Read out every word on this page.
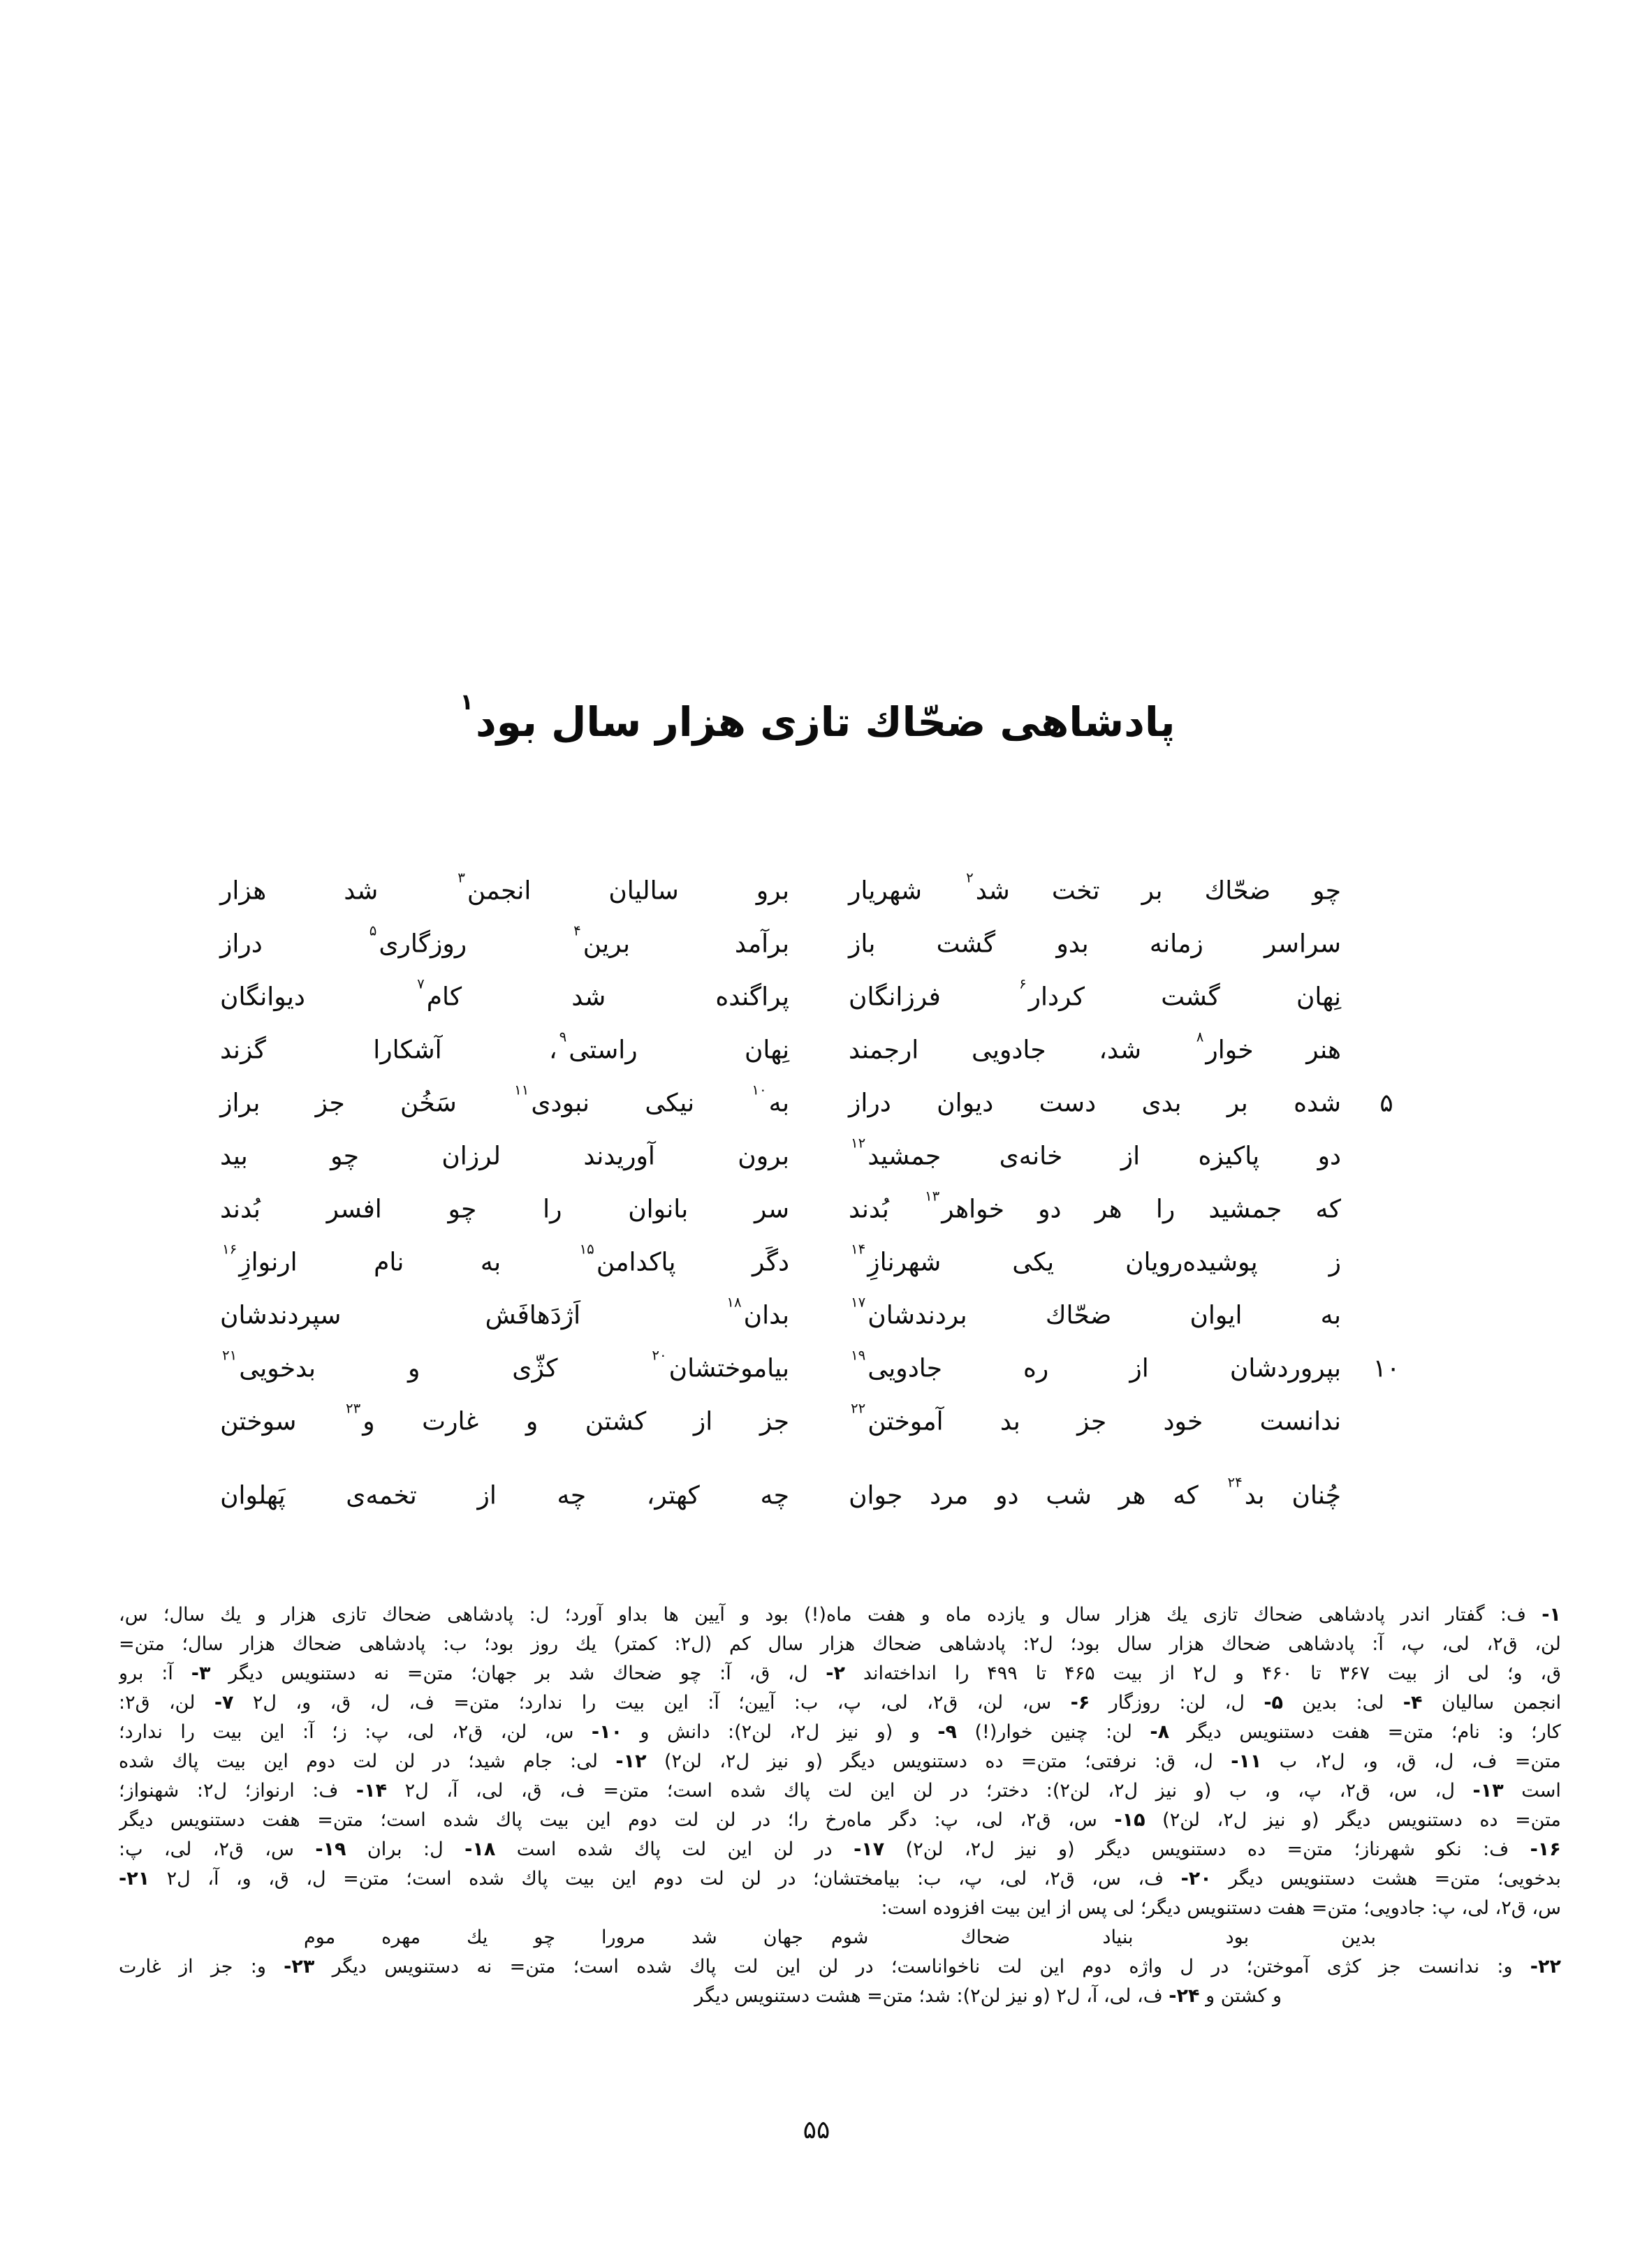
پادشاهی ضحّاك تازی هزار سال بود$^۱$
چو
ضحّاك
بر
تخت
شد$^۲$
شهریار
برو
سالیان
انجمن$^۳$
شد
هزار
سراسر
زمانه
بدو
گشت
باز
برآمد
برین$^۴$
روزگاری$^۵$
دراز
نِهان
گشت
کردار$^۶$
فرزانگان
پراگنده
شد
کام$^۷$
دیوانگان
هنر
خوار$^۸$
شد،
جادویی
ارجمند
نِهان
راستی$^۹$،
آشکارا
گزند
۵
شده
بر
بدی
دست
دیوان
دراز
به$^{۱۰}$
نیکی
نبودی$^{۱۱}$
سَخُن
جز
براز
دو
پاکیزه
از
خانه‌ی
جمشید$^{۱۲}$
برون
آوریدند
لرزان
چو
بید
که
جمشید
را
هر
دو
خواهر$^{۱۳}$
بُدند
سر
بانوان
را
چو
افسر
بُدند
ز
پوشیده‌رویان
یکی
شهرنازِ$^{۱۴}$
دگَر
پاکدامن$^{۱۵}$
به
نام
ارنوازِ$^{۱۶}$
به
ایوان
ضحّاك
بردندشان$^{۱۷}$
بدان$^{۱۸}$
اَژدَهافَش
سپردندشان
۱۰
بپروردشان
از
ره
جادویی$^{۱۹}$
بیاموختشان$^{۲۰}$
کژّی
و
بدخویی$^{۲۱}$
ندانست
خود
جز
بد
آموختن$^{۲۲}$
جز
از
کشتن
و
غارت
و$^{۲۳}$
سوختن
چُنان
بد$^{۲۴}$
که
هر
شب
دو
مرد
جوان
چه
کهتر،
چه
از
تخمه‌ی
پَهلوان
۱- ف: گفتار اندر پادشاهی ضحاك تازی یك هزار سال و یازده ماه و هفت ماه(!) بود و آیین ها بداو آورد؛ ل: پادشاهی ضحاك تازی هزار و یك سال؛ س،
لن، ق۲، لی، پ، آ: پادشاهی ضحاك هزار سال بود؛ ل۲: پادشاهی ضحاك هزار سال کم (ل۲: کمتر) یك روز بود؛ ب: پادشاهی ضحاك هزار سال؛ متن=
ق، و؛ لی از بیت ۳۶۷ تا ۴۶۰ و ل۲ از بیت ۴۶۵ تا ۴۹۹ را انداخته‌اند ۲- ل، ق، آ: چو ضحاك شد بر جهان؛ متن= نه دستنویس دیگر ۳- آ: برو
انجمن سالیان ۴- لی: بدین ۵- ل، لن: روزگار ۶- س، لن، ق۲، لی، پ، ب: آیین؛ آ: این بیت را ندارد؛ متن= ف، ل، ق، و، ل۲ ۷- لن، ق۲:
کار؛ و: نام؛ متن= هفت دستنویس دیگر ۸- لن: چنین خوار(!) ۹- و (و نیز ل۲، لن۲): دانش و ۱۰- س، لن، ق۲، لی، پ: ز؛ آ: این بیت را ندارد؛
متن= ف، ل، ق، و، ل۲، ب ۱۱- ل، ق: نرفتی؛ متن= ده دستنویس دیگر (و نیز ل۲، لن۲) ۱۲- لی: جام شید؛ در لن لت دوم این بیت پاك شده
است ۱۳- ل، س، ق۲، پ، و، ب (و نیز ل۲، لن۲): دختر؛ در لن این لت پاك شده است؛ متن= ف، ق، لی، آ، ل۲ ۱۴- ف: ارنواز؛ ل۲: شهنواز؛
متن= ده دستنویس دیگر (و نیز ل۲، لن۲) ۱۵- س، ق۲، لی، پ: دگر ماه‌رخ را؛ در لن لت دوم این بیت پاك شده است؛ متن= هفت دستنویس دیگر
۱۶- ف: نکو شهرناز؛ متن= ده دستنویس دیگر (و نیز ل۲، لن۲) ۱۷- در لن این لت پاك شده است ۱۸- ل: بران ۱۹- س، ق۲، لی، پ:
بدخویی؛ متن= هشت دستنویس دیگر ۲۰- ف، س، ق۲، لی، پ، ب: بیامختشان؛ در لن لت دوم این بیت پاك شده است؛ متن= ل، ق، و، آ، ل۲ ۲۱-
س، ق۲، لی، پ: جادویی؛ متن= هفت دستنویس دیگر؛ لی پس از این بیت افزوده است:
بدین
بود
بنیاد
ضحاك
شوم
جهان
شد
مرورا
چو
یك
مهره
موم
۲۲- و: ندانست جز کژی آموختن؛ در ل واژه دوم این لت ناخواناست؛ در لن این لت پاك شده است؛ متن= نه دستنویس دیگر ۲۳- و: جز از غارت
و کشتن و ۲۴- ف، لی، آ، ل۲ (و نیز لن۲): شد؛ متن= هشت دستنویس دیگر
۵۵
